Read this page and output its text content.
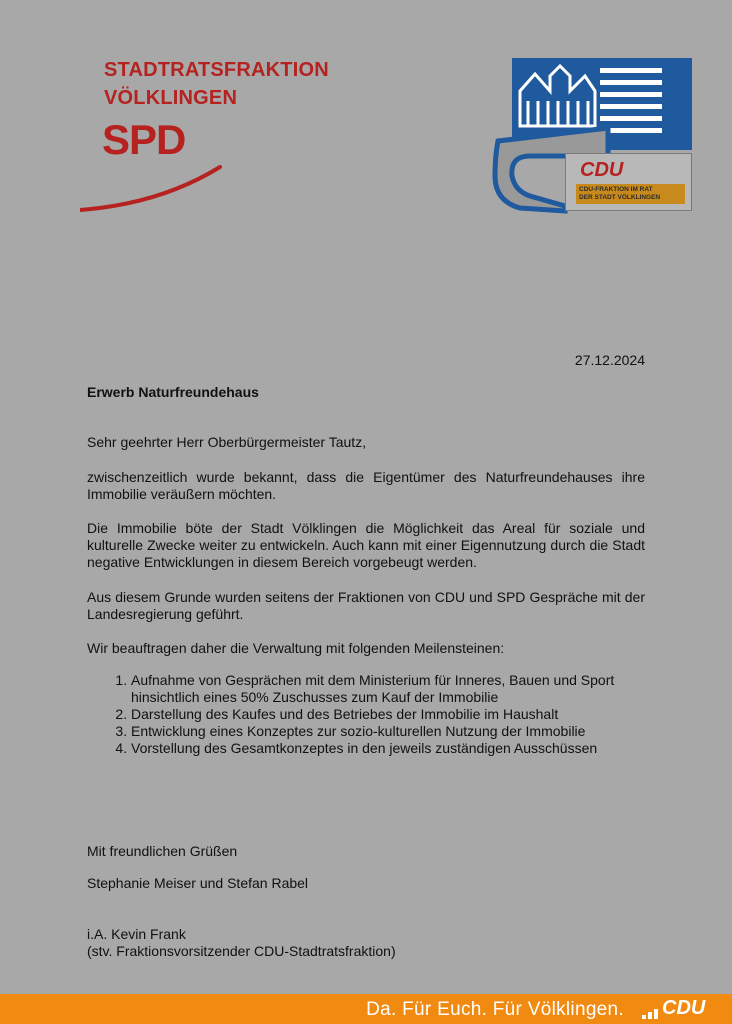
STADTRATSFRAKTION
VÖLKLINGEN
SPD
CDU
CDU-FRAKTION IM RAT
DER STADT VÖLKLINGEN
27.12.2024
Erwerb Naturfreundehaus
Sehr geehrter Herr Oberbürgermeister Tautz,
zwischenzeitlich wurde bekannt, dass die Eigentümer des Naturfreundehauses ihre Immobilie veräußern möchten.
Die Immobilie böte der Stadt Völklingen die Möglichkeit das Areal für soziale und kulturelle Zwecke weiter zu entwickeln. Auch kann mit einer Eigennutzung durch die Stadt negative Entwicklungen in diesem Bereich vorgebeugt werden.
Aus diesem Grunde wurden seitens der Fraktionen von CDU und SPD Gespräche mit der Landesregierung geführt.
Wir beauftragen daher die Verwaltung mit folgenden Meilensteinen:
1. Aufnahme von Gesprächen mit dem Ministerium für Inneres, Bauen und Sport hinsichtlich eines 50% Zuschusses zum Kauf der Immobilie
2. Darstellung des Kaufes und des Betriebes der Immobilie im Haushalt
3. Entwicklung eines Konzeptes zur sozio-kulturellen Nutzung der Immobilie
4. Vorstellung des Gesamtkonzeptes in den jeweils zuständigen Ausschüssen
Mit freundlichen Grüßen
Stephanie Meiser und Stefan Rabel
i.A. Kevin Frank
(stv. Fraktionsvorsitzender CDU-Stadtratsfraktion)
Da. Für Euch. Für Völklingen. CDU
